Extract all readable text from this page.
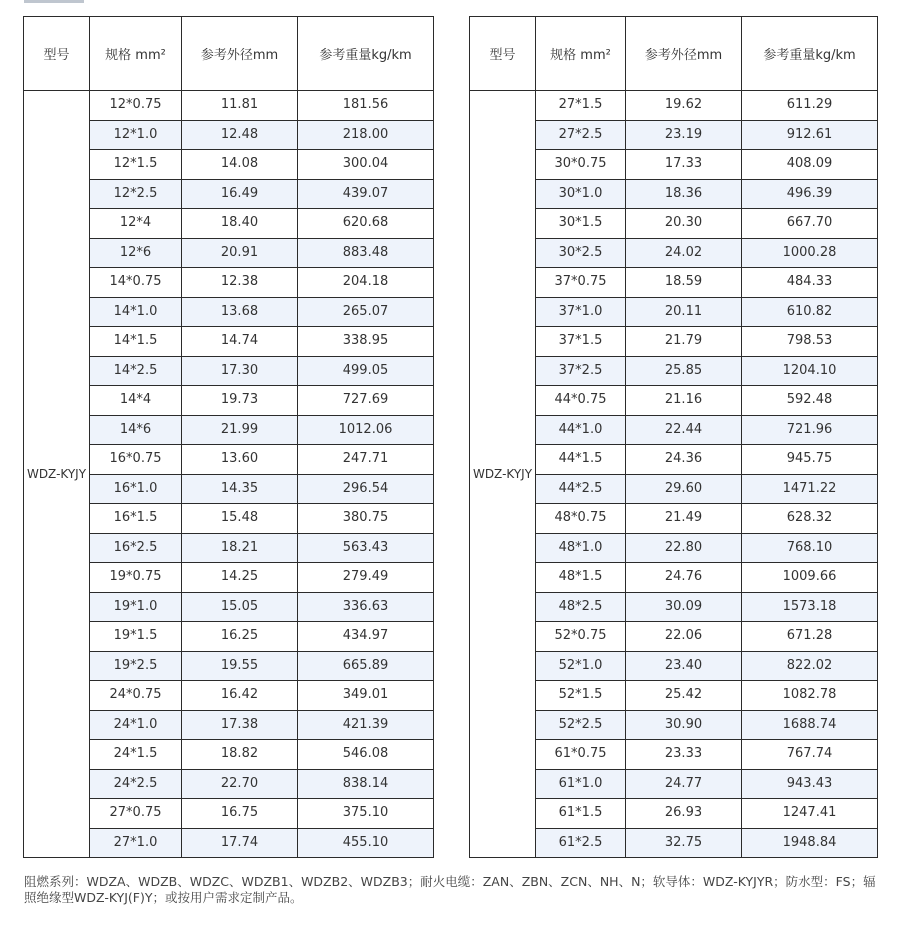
型号	规格 mm²	参考外径mm	参考重量kg/km
WDZ-KYJY	12*0.75	11.81	181.56
	12*1.0	12.48	218.00
	12*1.5	14.08	300.04
	12*2.5	16.49	439.07
	12*4	18.40	620.68
	12*6	20.91	883.48
	14*0.75	12.38	204.18
	14*1.0	13.68	265.07
	14*1.5	14.74	338.95
	14*2.5	17.30	499.05
	14*4	19.73	727.69
	14*6	21.99	1012.06
	16*0.75	13.60	247.71
	16*1.0	14.35	296.54
	16*1.5	15.48	380.75
	16*2.5	18.21	563.43
	19*0.75	14.25	279.49
	19*1.0	15.05	336.63
	19*1.5	16.25	434.97
	19*2.5	19.55	665.89
	24*0.75	16.42	349.01
	24*1.0	17.38	421.39
	24*1.5	18.82	546.08
	24*2.5	22.70	838.14
	27*0.75	16.75	375.10
	27*1.0	17.74	455.10
型号	规格 mm²	参考外径mm	参考重量kg/km
WDZ-KYJY	27*1.5	19.62	611.29
	27*2.5	23.19	912.61
	30*0.75	17.33	408.09
	30*1.0	18.36	496.39
	30*1.5	20.30	667.70
	30*2.5	24.02	1000.28
	37*0.75	18.59	484.33
	37*1.0	20.11	610.82
	37*1.5	21.79	798.53
	37*2.5	25.85	1204.10
	44*0.75	21.16	592.48
	44*1.0	22.44	721.96
	44*1.5	24.36	945.75
	44*2.5	29.60	1471.22
	48*0.75	21.49	628.32
	48*1.0	22.80	768.10
	48*1.5	24.76	1009.66
	48*2.5	30.09	1573.18
	52*0.75	22.06	671.28
	52*1.0	23.40	822.02
	52*1.5	25.42	1082.78
	52*2.5	30.90	1688.74
	61*0.75	23.33	767.74
	61*1.0	24.77	943.43
	61*1.5	26.93	1247.41
	61*2.5	32.75	1948.84
阻燃系列：WDZA、WDZB、WDZC、WDZB1、WDZB2、WDZB3；耐火电缆：ZAN、ZBN、ZCN、NH、N；软导体：WDZ-KYJYR；防水型：FS；辐照绝缘型WDZ-KYJ(F)Y；或按用户需求定制产品。
